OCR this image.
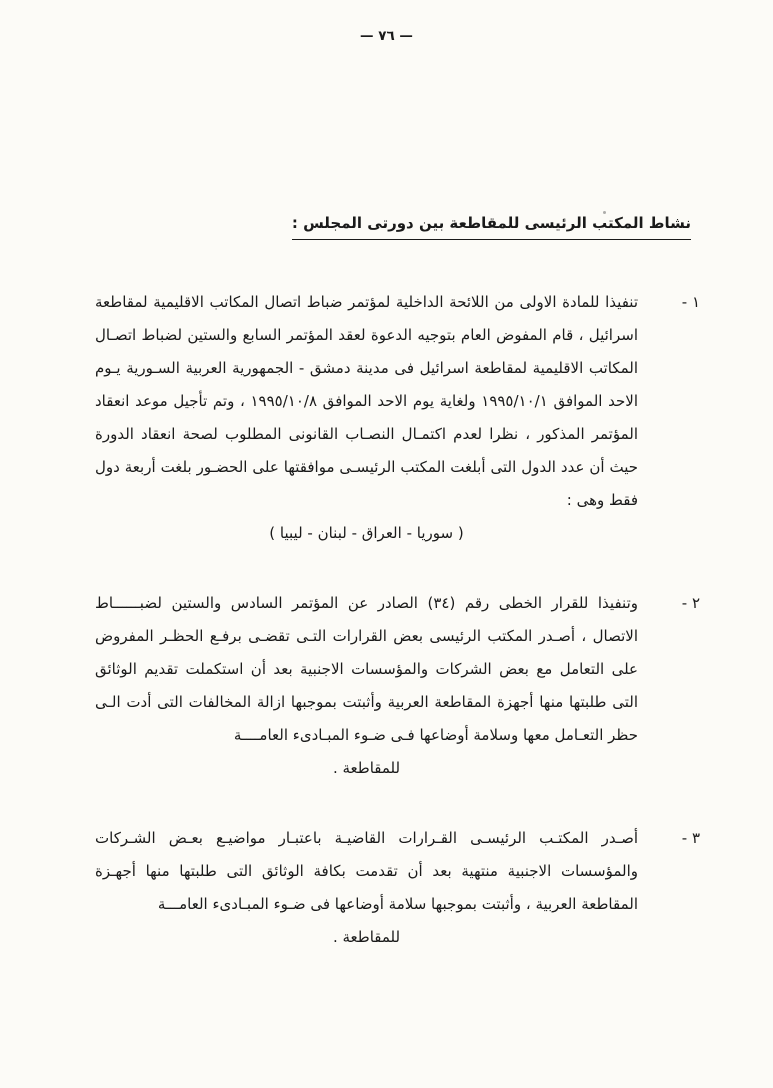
— ٧٦ —
نشاط المكتب الرئيسى للمقاطعة بين دورتى المجلس :
١ -

تنفيذا للمادة الاولى من اللائحة الداخلية لمؤتمر ضباط اتصال المكاتب الاقليمية لمقاطعة اسرائيل ، قام المفوض العام بتوجيه الدعوة لعقد المؤتمر السابع والستين لضباط اتصـال المكاتب الاقليمية لمقاطعة اسرائيل فى مدينة دمشق - الجمهورية العربية السـورية يـوم الاحد الموافق ١٩٩٥/١٠/١ ولغاية يوم الاحد الموافق ١٩٩٥/١٠/٨ ، وتم تأجيل موعد انعقاد المؤتمر المذكور ، نظرا لعدم اكتمـال النصـاب القانونى المطلوب لصحة انعقاد الدورة حيث أن عدد الدول التى أبلغت المكتب الرئيسـى موافقتها على الحضـور بلغت أربعة دول فقط وهى :

( سوريا - العراق - لبنان - ليبيا )

٢ -

وتنفيذا للقرار الخطى رقم (٣٤) الصادر عن المؤتمر السادس والستين لضبــــــاط الاتصال ، أصـدر المكتب الرئيسى بعض القرارات التـى تقضـى برفـع الحظـر المفروض على التعامل مع بعض الشركات والمؤسسات الاجنبية بعد أن استكملت تقديم الوثائق التى طلبتها منها أجهزة المقاطعة العربية وأثبتت بموجبها ازالة المخالفات التى أدت الـى حظر التعـامل معها وسلامة أوضاعها فـى ضـوء المبـادىء العامــــة

للمقاطعة .

٣ -

أصـدر المكتـب الرئيسـى القـرارات القاضيـة باعتبـار مواضيـع بعـض الشـركات والمؤسسات الاجنبية منتهية بعد أن تقدمت بكافة الوثائق التى طلبتها منها أجهـزة المقاطعة العربية ، وأثبتت بموجبها سلامة أوضاعها فى ضـوء المبـادىء العامـــة

للمقاطعة .
